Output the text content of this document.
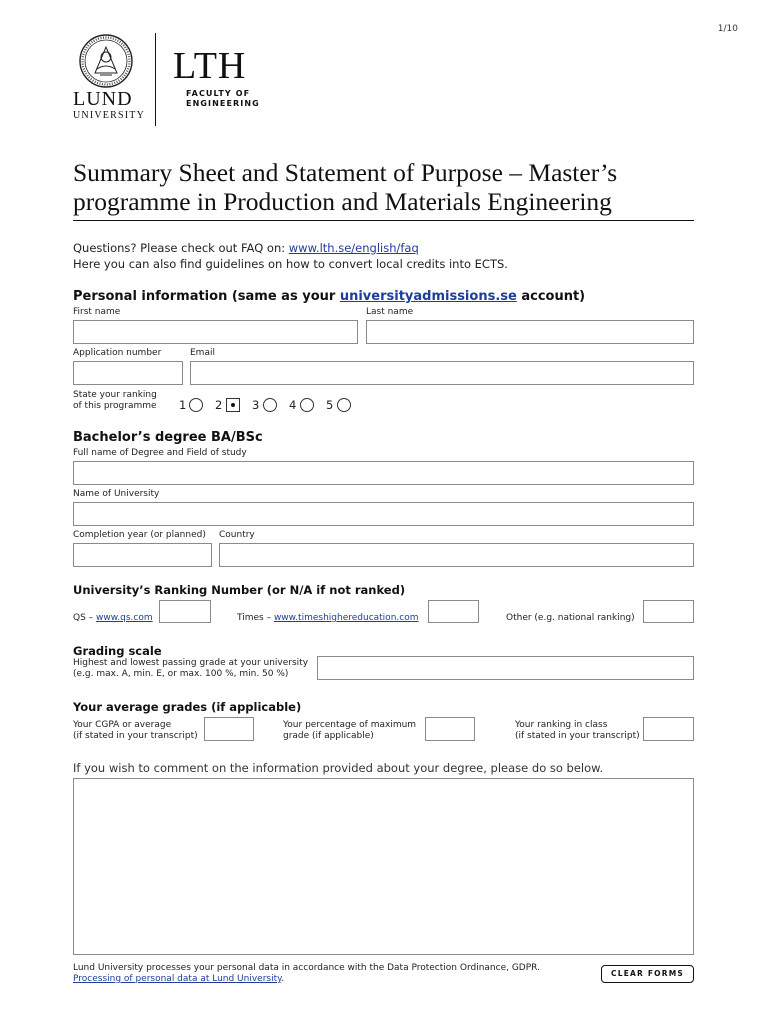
1/10
LUND
UNIVERSITY
LTH
FACULTY OF
ENGINEERING
Summary Sheet and Statement of Purpose – Master’s programme in Production and Materials Engineering
Questions? Please check out FAQ on: www.lth.se/english/faq
Here you can also find guidelines on how to convert local credits into ECTS.
Personal information (same as your universityadmissions.se account)
First name	Last name
Application number	Email
State your ranking
of this programme 1 2	3	4	5
Bachelor’s degree BA/BSc
Full name of Degree and Field of study
Name of University
Completion year (or planned) Country
University’s Ranking Number (or N/A if not ranked)
QS – www.qs.com	Times – www.timeshighereducation.com	Other (e.g. national ranking)
Grading scale
Highest and lowest passing grade at your university
(e.g. max. A, min. E, or max. 100 %, min. 50 %)
Your average grades (if applicable)
Your CGPA or average
(if stated in your transcript)
Your percentage of maximum
grade (if applicable)
Your ranking in class
(if stated in your transcript)
If you wish to comment on the information provided about your degree, please do so below.
Lund University processes your personal data in accordance with the Data Protection Ordinance, GDPR.
Processing of personal data at Lund University.
CLEAR FORMS
